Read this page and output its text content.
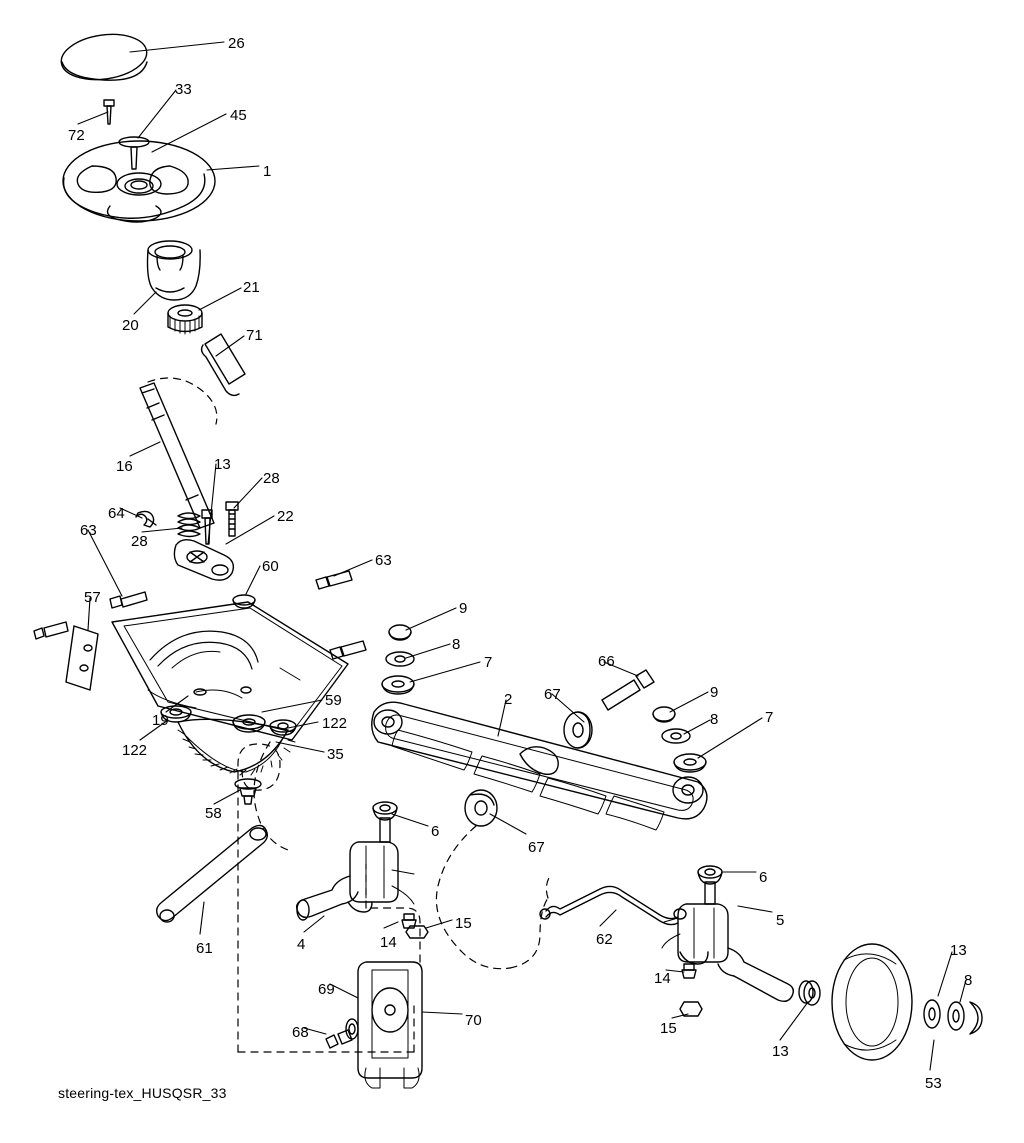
26
33
45
72
1
21
20
71
16	13
28
64	22
28
63
60	63
57
9
8
7	66
67
2	9
8	7
59
122
19
122	35
58
6
67
6
5
61	4	14
15
62
14
15
13
13
8
53
69
70
68
steering-tex_HUSQSR_33
